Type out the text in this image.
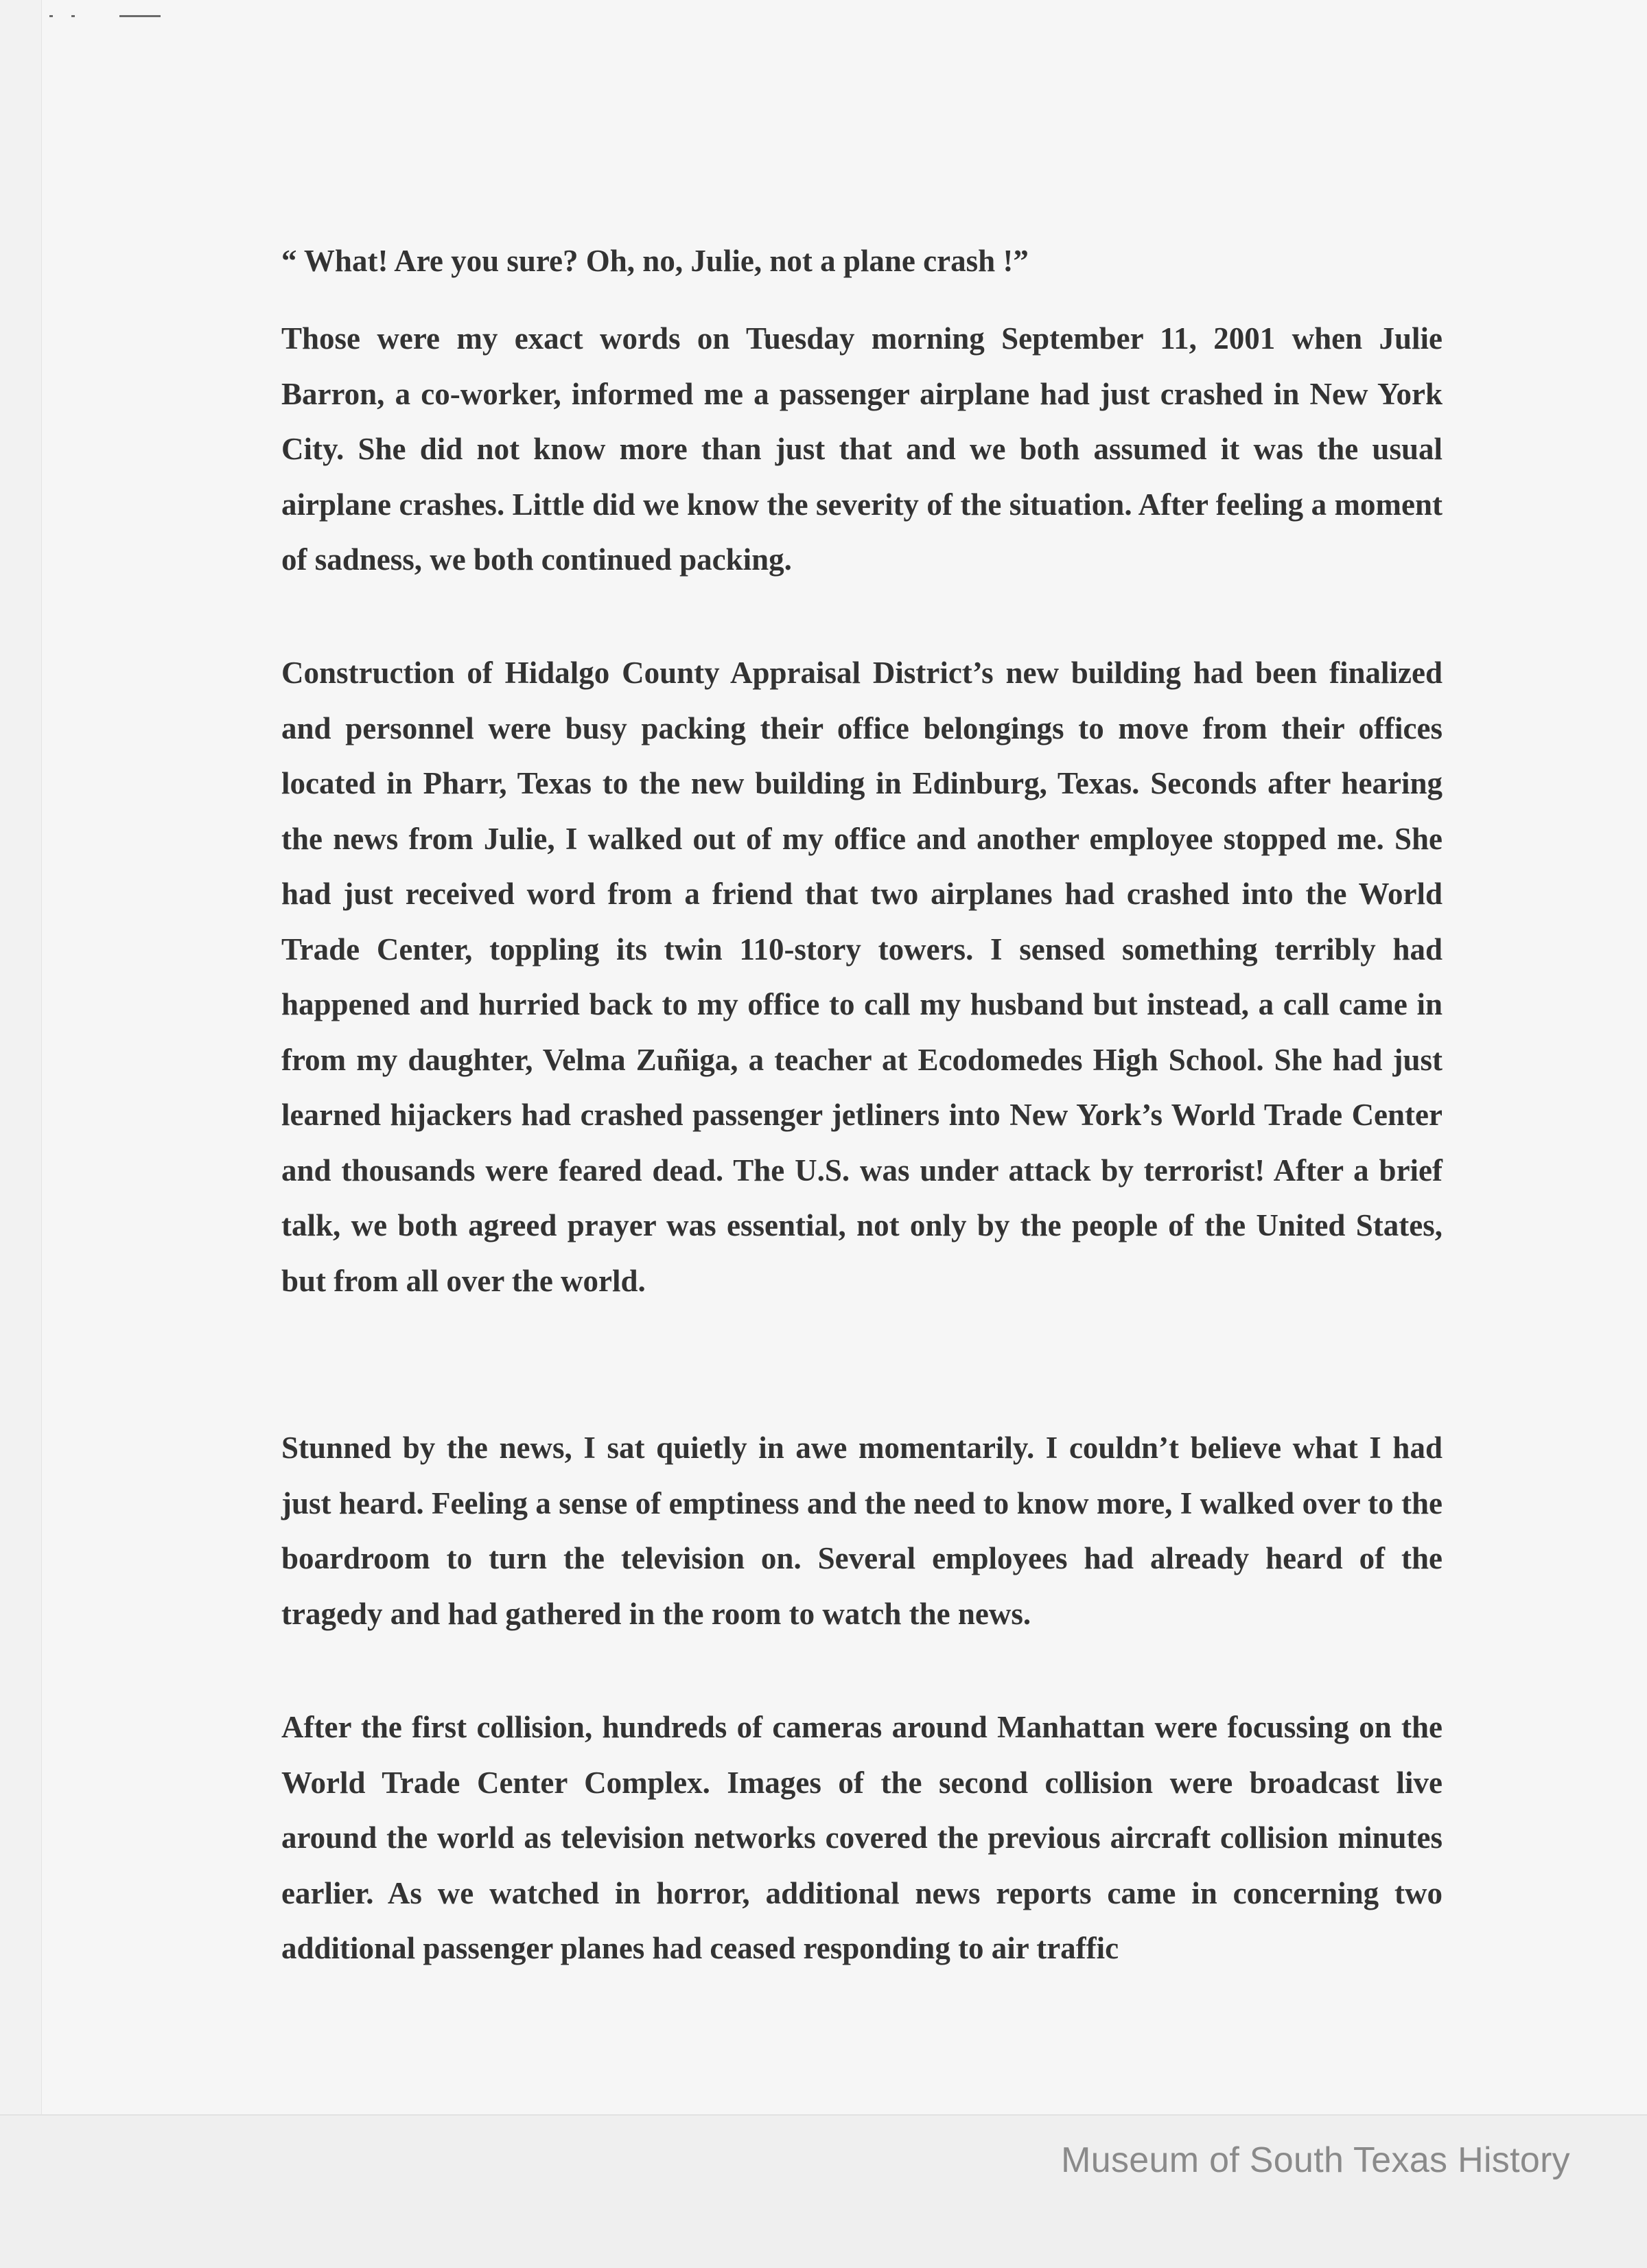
“ What! Are you sure? Oh, no, Julie, not a plane crash !”
Those were my exact words on Tuesday morning September 11, 2001 when Julie Barron, a co-worker, informed me a passenger airplane had just crashed in New York City. She did not know more than just that and we both assumed it was the usual airplane crashes. Little did we know the severity of the situation. After feeling a moment of sadness, we both continued packing.
Construction of Hidalgo County Appraisal District’s new building had been finalized and personnel were busy packing their office belongings to move from their offices located in Pharr, Texas to the new building in Edinburg, Texas. Seconds after hearing the news from Julie, I walked out of my office and another employee stopped me. She had just received word from a friend that two airplanes had crashed into the World Trade Center, toppling its twin 110-story towers. I sensed something terribly had happened and hurried back to my office to call my husband but instead, a call came in from my daughter, Velma Zuñiga, a teacher at Ecodomedes High School. She had just learned hijackers had crashed passenger jetliners into New York’s World Trade Center and thousands were feared dead. The U.S. was under attack by terrorist! After a brief talk, we both agreed prayer was essential, not only by the people of the United States, but from all over the world.
Stunned by the news, I sat quietly in awe momentarily. I couldn’t believe what I had just heard. Feeling a sense of emptiness and the need to know more, I walked over to the boardroom to turn the television on. Several employees had already heard of the tragedy and had gathered in the room to watch the news.
After the first collision, hundreds of cameras around Manhattan were focussing on the World Trade Center Complex. Images of the second collision were broadcast live around the world as television networks covered the previous aircraft collision minutes earlier. As we watched in horror, additional news reports came in concerning two additional passenger planes had ceased responding to air traffic
Museum of South Texas History
